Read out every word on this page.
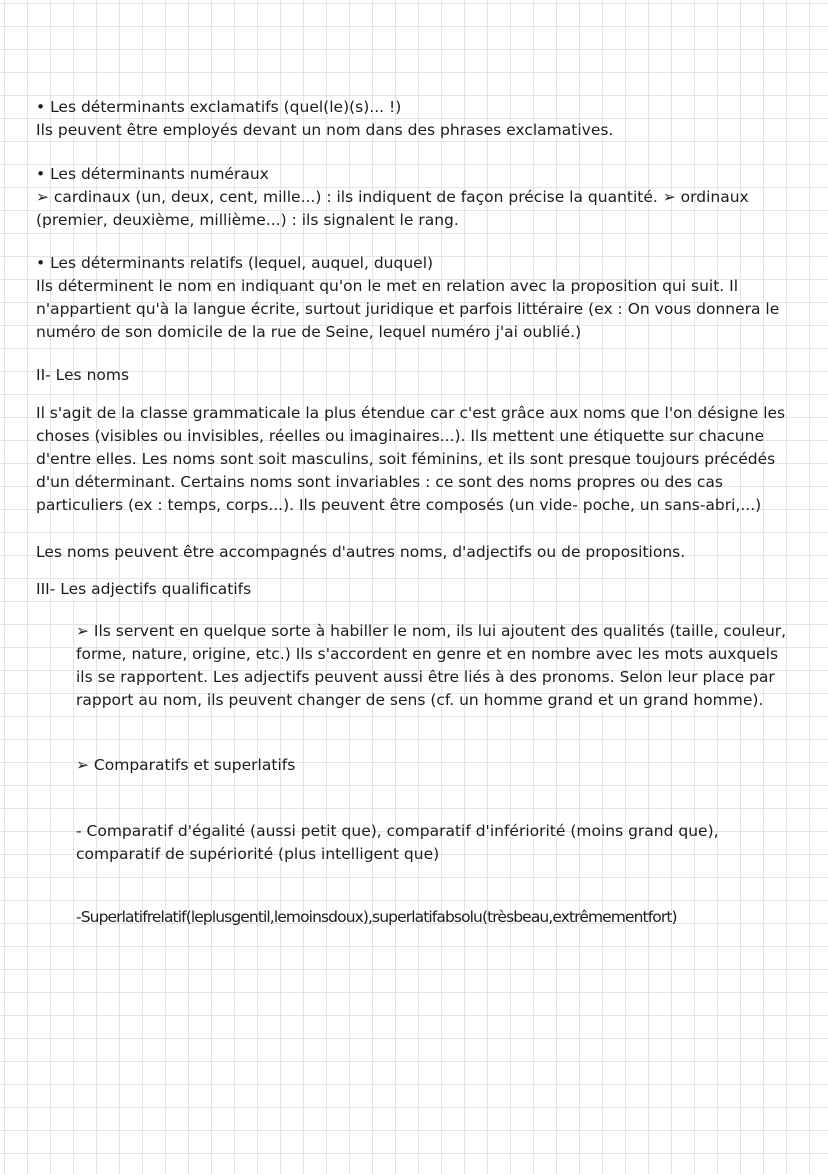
• Les déterminants exclamatifs (quel(le)(s)... !)

Ils peuvent être employés devant un nom dans des phrases exclamatives.

• Les déterminants numéraux

➢ cardinaux (un, deux, cent, mille...) : ils indiquent de façon précise la quantité. ➢ ordinaux (premier, deuxième, millième...) : ils signalent le rang.

• Les déterminants relatifs (lequel, auquel, duquel)

Ils déterminent le nom en indiquant qu'on le met en relation avec la proposition qui suit. Il n'appartient qu'à la langue écrite, surtout juridique et parfois littéraire (ex : On vous donnera le numéro de son domicile de la rue de Seine, lequel numéro j'ai oublié.)

II- Les noms
Il s'agit de la classe grammaticale la plus étendue car c'est grâce aux noms que l'on désigne les choses (visibles ou invisibles, réelles ou imaginaires...). Ils mettent une étiquette sur chacune d'entre elles. Les noms sont soit masculins, soit féminins, et ils sont presque toujours précédés d'un déterminant. Certains noms sont invariables : ce sont des noms propres ou des cas particuliers (ex : temps, corps...). Ils peuvent être composés (un vide- poche, un sans-abri,...)
Les noms peuvent être accompagnés d'autres noms, d'adjectifs ou de propositions.
III- Les adjectifs qualificatifs
➢ Ils servent en quelque sorte à habiller le nom, ils lui ajoutent des qualités (taille, couleur, forme, nature, origine, etc.) Ils s'accordent en genre et en nombre avec les mots auxquels ils se rapportent. Les adjectifs peuvent aussi être liés à des pronoms. Selon leur place par rapport au nom, ils peuvent changer de sens (cf. un homme grand et un grand homme).
➢ Comparatifs et superlatifs
- Comparatif d'égalité (aussi petit que), comparatif d'infériorité (moins grand que), comparatif de supériorité (plus intelligent que)
- Superlatifrelatif(leplusgentil,lemoinsdoux),superlatifabsolu(trèsbeau,extrêmementfort)
